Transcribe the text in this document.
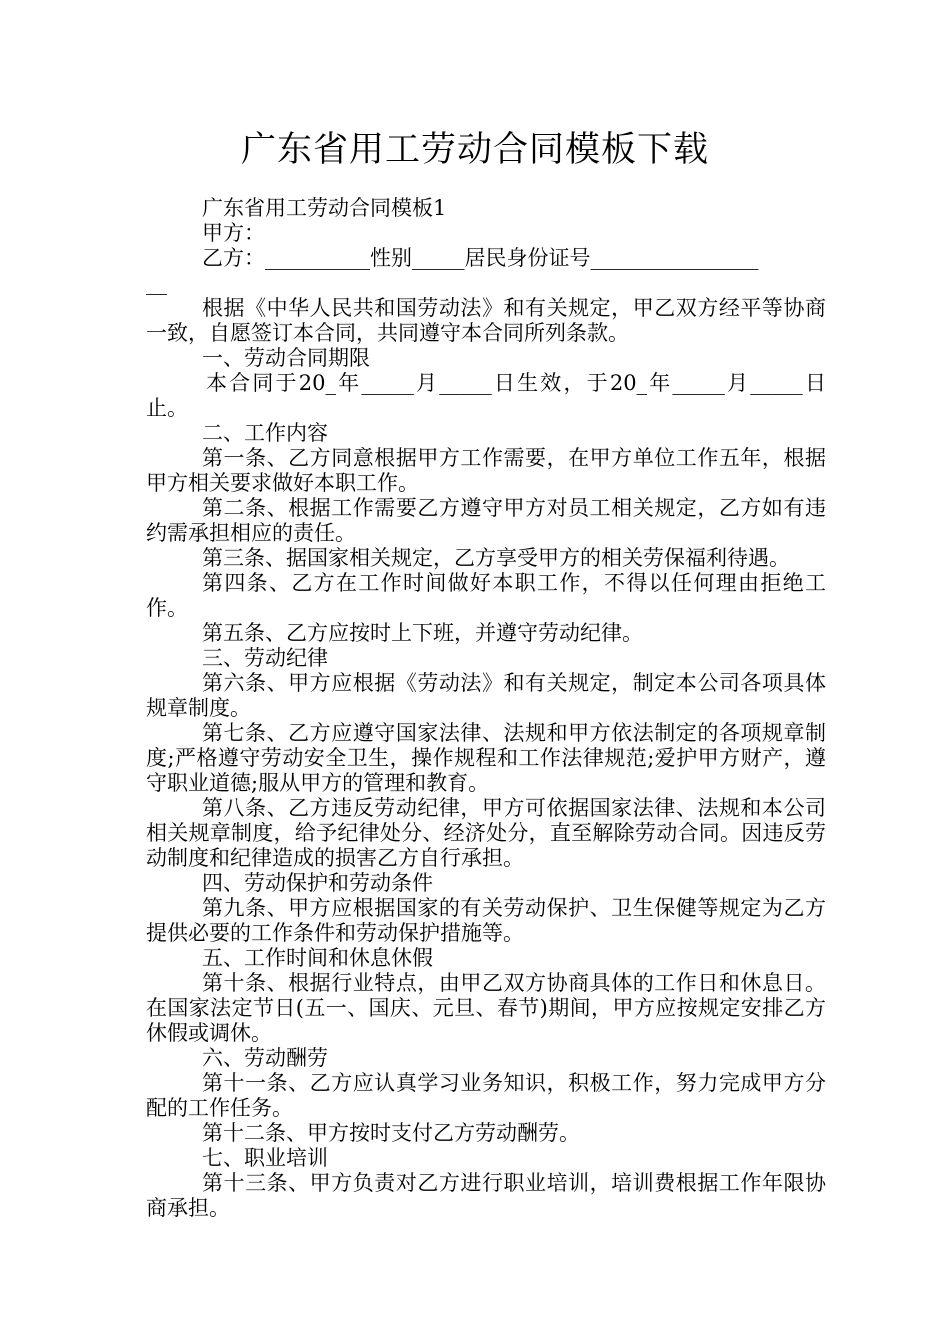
广东省用工劳动合同模板下载

广东省用工劳动合同模板1

甲方：

乙方：__________性别_____居民身份证号________________

__

根据《中华人民共和国劳动法》和有关规定，甲乙双方经平等协商一致，自愿签订本合同，共同遵守本合同所列条款。

一、劳动合同期限

本合同于20_年_____月_____日生效，于20_年_____月_____日止。

二、工作内容

第一条、乙方同意根据甲方工作需要，在甲方单位工作五年，根据甲方相关要求做好本职工作。

第二条、根据工作需要乙方遵守甲方对员工相关规定，乙方如有违约需承担相应的责任。

第三条、据国家相关规定，乙方享受甲方的相关劳保福利待遇。

第四条、乙方在工作时间做好本职工作，不得以任何理由拒绝工作。

第五条、乙方应按时上下班，并遵守劳动纪律。

三、劳动纪律

第六条、甲方应根据《劳动法》和有关规定，制定本公司各项具体规章制度。

第七条、乙方应遵守国家法律、法规和甲方依法制定的各项规章制度;严格遵守劳动安全卫生，操作规程和工作法律规范;爱护甲方财产，遵守职业道德;服从甲方的管理和教育。

第八条、乙方违反劳动纪律，甲方可依据国家法律、法规和本公司相关规章制度，给予纪律处分、经济处分，直至解除劳动合同。因违反劳动制度和纪律造成的损害乙方自行承担。

四、劳动保护和劳动条件

第九条、甲方应根据国家的有关劳动保护、卫生保健等规定为乙方提供必要的工作条件和劳动保护措施等。

五、工作时间和休息休假

第十条、根据行业特点，由甲乙双方协商具体的工作日和休息日。在国家法定节日(五一、国庆、元旦、春节)期间，甲方应按规定安排乙方休假或调休。

六、劳动酬劳

第十一条、乙方应认真学习业务知识，积极工作，努力完成甲方分配的工作任务。

第十二条、甲方按时支付乙方劳动酬劳。

七、职业培训

第十三条、甲方负责对乙方进行职业培训，培训费根据工作年限协商承担。
